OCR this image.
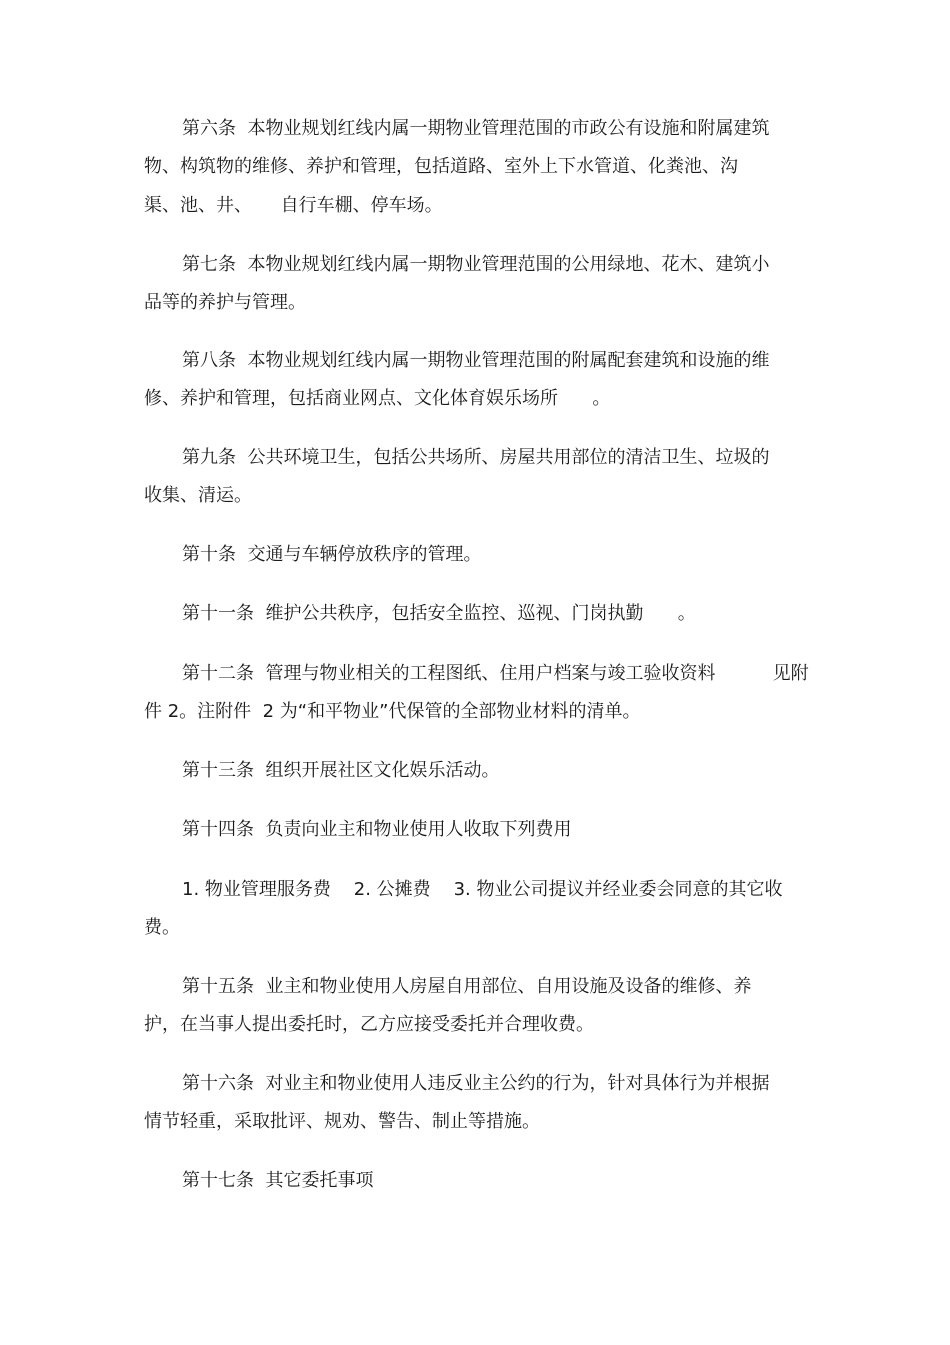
第六条  本物业规划红线内属一期物业管理范围的市政公有设施和附属建筑
物、构筑物的维修、养护和管理，包括道路、室外上下水管道、化粪池、沟
渠、池、井、     自行车棚、停车场。
第七条  本物业规划红线内属一期物业管理范围的公用绿地、花木、建筑小
品等的养护与管理。
第八条  本物业规划红线内属一期物业管理范围的附属配套建筑和设施的维
修、养护和管理，包括商业网点、文化体育娱乐场所      。
第九条  公共环境卫生，包括公共场所、房屋共用部位的清洁卫生、垃圾的
收集、清运。
第十条  交通与车辆停放秩序的管理。
第十一条  维护公共秩序，包括安全监控、巡视、门岗执勤      。
第十二条  管理与物业相关的工程图纸、住用户档案与竣工验收资料          见附
件 2。注附件  2 为“和平物业”代保管的全部物业材料的清单。
第十三条  组织开展社区文化娱乐活动。
第十四条  负责向业主和物业使用人收取下列费用
1. 物业管理服务费    2. 公摊费    3. 物业公司提议并经业委会同意的其它收
费。
第十五条  业主和物业使用人房屋自用部位、自用设施及设备的维修、养
护，在当事人提出委托时，乙方应接受委托并合理收费。
第十六条  对业主和物业使用人违反业主公约的行为，针对具体行为并根据
情节轻重，采取批评、规劝、警告、制止等措施。
第十七条  其它委托事项
